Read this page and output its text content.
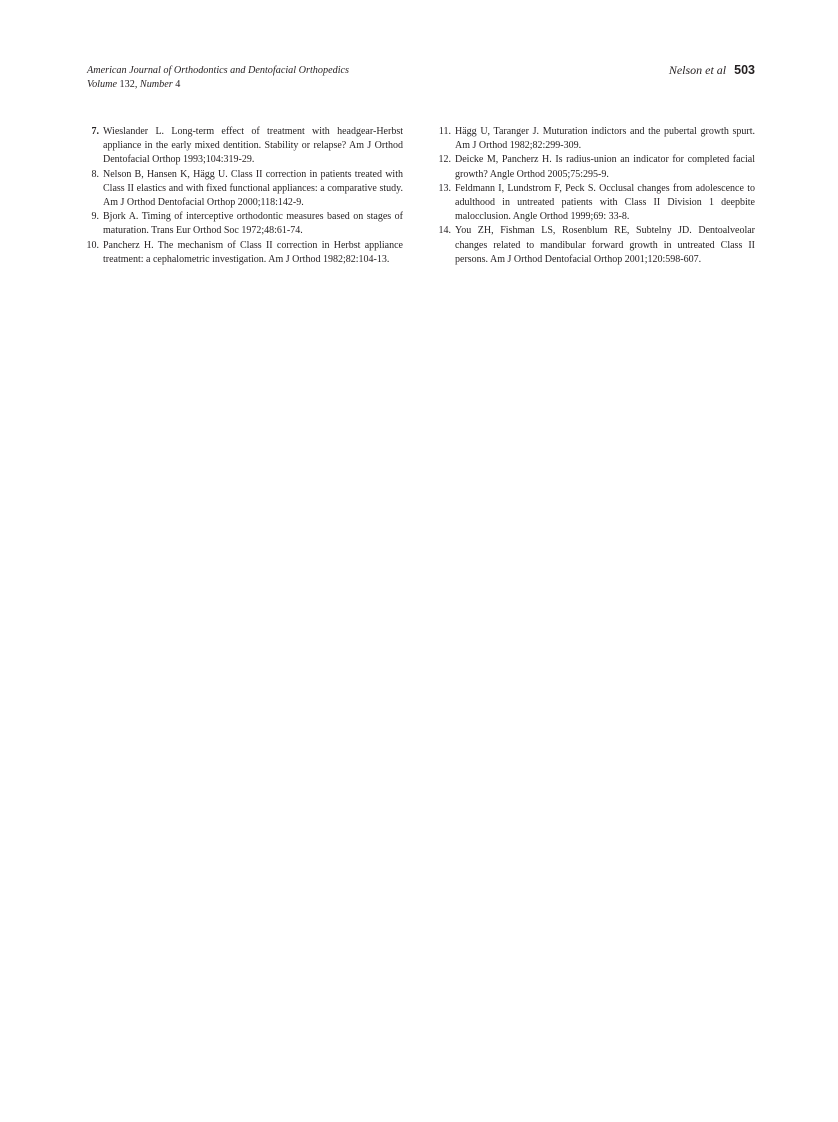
American Journal of Orthodontics and Dentofacial Orthopedics
Volume 132, Number 4
Nelson et al 503
7. Wieslander L. Long-term effect of treatment with headgear-Herbst appliance in the early mixed dentition. Stability or relapse? Am J Orthod Dentofacial Orthop 1993;104:319-29.
8. Nelson B, Hansen K, Hägg U. Class II correction in patients treated with Class II elastics and with fixed functional appliances: a comparative study. Am J Orthod Dentofacial Orthop 2000;118:142-9.
9. Bjork A. Timing of interceptive orthodontic measures based on stages of maturation. Trans Eur Orthod Soc 1972;48:61-74.
10. Pancherz H. The mechanism of Class II correction in Herbst appliance treatment: a cephalometric investigation. Am J Orthod 1982;82:104-13.
11. Hägg U, Taranger J. Muturation indictors and the pubertal growth spurt. Am J Orthod 1982;82:299-309.
12. Deicke M, Pancherz H. Is radius-union an indicator for completed facial growth? Angle Orthod 2005;75:295-9.
13. Feldmann I, Lundstrom F, Peck S. Occlusal changes from adolescence to adulthood in untreated patients with Class II Division 1 deepbite malocclusion. Angle Orthod 1999;69: 33-8.
14. You ZH, Fishman LS, Rosenblum RE, Subtelny JD. Dentoalveolar changes related to mandibular forward growth in untreated Class II persons. Am J Orthod Dentofacial Orthop 2001;120:598-607.
